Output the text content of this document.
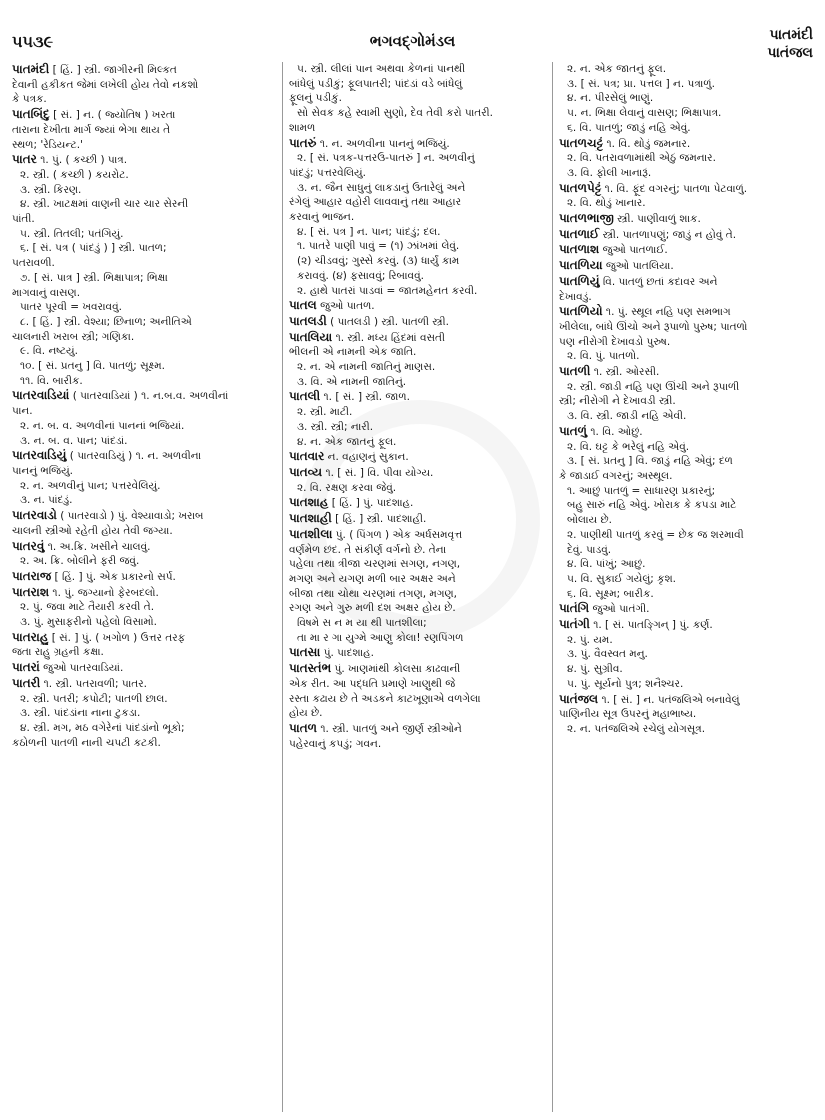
૫૫૩૯	ભગવદ્ગોમંડલ	પાતમંદી
પાતંજલ
પાતમંદી [ હિં. ] સ્ત્રી. જાગીરની મિલ્કત
દેવાની હકીકત જેમાં લખેલી હોય તેવો નકશો
કે પત્રક.
પાતબિંદુ [ સં. ] ન. ( જ્યોતિષ ) ખરતા
તારાના દેખીતા માર્ગ જ્યાં ભેગા થાય તે
સ્થળ; 'રેડિયન્ટ.'
પાતર ૧. પું. ( કચ્છી ) પાત્ર.
૨. સ્ત્રી. ( કચ્છી ) કયરોટ.
૩. સ્ત્રી. કિરણ.
૪. સ્ત્રી. ખાટક્ષમાં વાણની ચાર ચાર સેરની
પાંતી.
૫. સ્ત્રી. તિતલી; પતંગિયું.
૬. [ સં. પત્ર ( પાંદડું ) ] સ્ત્રી. પાતળ;
પતરાવળી.
૭. [ સં. પાત્ર ] સ્ત્રી. ભિક્ષાપાત્ર; ભિક્ષા
માગવાનું વાસણ.
પાતર પૂરવી = ખવરાવવું.
૮. [ હિં. ] સ્ત્રી. વેશ્યા; છિનાળ; અનીતિએ
ચાલનારી ખરાબ સ્ત્રી; ગણિકા.
૯. વિ. નષ્ટયું.
૧૦. [ સં. પ્રતનુ ] વિ. પાતળું; સૂક્ષ્મ.
૧૧. વિ. બારીક.
પાતરવાડિયાં ( પાતરવાડિયાં ) ૧. ન.બ.વ. અળવીનાં
પાન.
૨. ન. બ. વ. અળવીનાં પાનનાં ભજિયાં.
૩. ન. બ. વ. પાન; પાંદડાં.
પાતરવાડિયું ( પાતરવાડિયું ) ૧. ન. અળવીના
પાનનું ભજિયું.
૨. ન. અળવીનું પાન; પત્તરવેલિયું.
૩. ન. પાંદડું.
પાતરવાડો ( પાતરવાડો ) પું. વેશ્યાવાડો; ખરાબ
ચાલની સ્ત્રીઓ રહેતી હોય તેવી જગ્યા.
પાતરવું ૧. અ.ક્રિ. ખસીને ચાલવું.
૨. અ. ક્રિ. બોલીને ફરી જવું.
પાતરાજ [ હિં. ] પું. એક પ્રકારનો સર્પ.
પાતરાશ ૧. પું. જગ્યાનો ફેરબદલો.
૨. પું. જવા માટે તૈયારી કરવી તે.
૩. પું. મુસાફરીનો પહેલો વિસામો.
પાતરાહુ [ સં. ] પું. ( ખગોળ ) ઉત્તર તરફ
જતા રાહુ ગ્રહની કક્ષા.
પાતરાં જુઓ પાતરવાડિયાં.
પાતરી ૧. સ્ત્રી. પતરાવળી; પાતર.
૨. સ્ત્રી. પતરી; કપોટી; પાતળી છાલ.
૩. સ્ત્રી. પાંદડાંના નાના ટુકડા.
૪. સ્ત્રી. મગ, મઠ વગેરેનાં પાંદડાંનો ભૂકો;
કઠોળની પાતળી નાની ચપટી કટકી.
૫. સ્ત્રી. લીલાં પાન અથવા કેળનાં પાનથી
બાંધેલું પડીકું; ફૂલપાતરી; પાંદડાં વડે બાંધેલું
ફૂલનું પડીકું.
સો સેવક કહે સ્વામી સુણો, દેવ તેવી કરો પાતરી.
શામળ
પાતરું ૧. ન. અળવીના પાનનું ભજિયું.
૨. [ સં. પત્રક-પત્તરઉં-પાતરું ] ન. અળવીનું
પાંદડું; પત્તરવેલિયું.
૩. ન. જૈન સાધુનું લાકડાનું ઉતારેલું અને
રંગેલું આહાર વહોરી લાવવાનું તથા આહાર
કરવાનું ભાજન.
૪. [ સં. પત્ર ] ન. પાન; પાંદડું; દલ.
૧. પાતરે પાણી પાવું = (૧) ઝાંખમાં લેવું.
(૨) ચીડવવું; ગુસ્સે કરવું. (૩) ધાર્યું કામ
કરાવવું. (૪) ફસાવવું; રિબાવવું.
૨. હાથે પાતરાં પાડવાં = જાતમહેનત કરવી.
પાતલ જુઓ પાતળ.
પાતલડી ( પાતલડી ) સ્ત્રી. પાતળી સ્ત્રી.
પાતલિયા ૧. સ્ત્રી. મધ્ય હિંદમાં વસતી
ભીલની એ નામની એક જાતિ.
૨. ન. એ નામની જાતિનું માણસ.
૩. વિ. એ નામની જાતિનું.
પાતલી ૧. [ સં. ] સ્ત્રી. જાળ.
૨. સ્ત્રી. માટી.
૩. સ્ત્રી. સ્ત્રી; નારી.
૪. ન. એક જાતનું ફૂલ.
પાતવાર ન. વહાણનું સુકાન.
પાતવ્ય ૧. [ સં. ] વિ. પીવા યોગ્ય.
૨. વિ. રક્ષણ કરવા જેવું.
પાતશાહ [ હિં. ] પું. પાદશાહ.
પાતશાહી [ હિં. ] સ્ત્રી. પાદશાહી.
પાતશીલા પું. ( પિંગળ ) એક અર્ધસમવૃત્ત
વર્ણમેળ છંદ. તે સંકીર્ણ વર્ગનો છે. તેના
પહેલા તથા ત્રીજા ચરણમાં સગણ, નગણ,
મગણ અને યગણ મળી બાર અક્ષર અને
બીજા તથા ચોથા ચરણમાં તગણ, મગણ,
રગણ અને ગુરુ મળી દશ અક્ષર હોય છે.
વિષમે સ ન મ યા થી પાતશીલા;
તા મા ર ગા યુગ્મે આણુ કોલા! રણપિંગળ
પાતસા પું. પાદશાહ.
પાતસ્તંભ પું. ખાણમાંથી કોલસા કાઢવાની
એક રીત. આ પદ્ધતિ પ્રમાણે ખાણુથી જે
રસ્તા કઢાય છે તે અડકને કાટખૂણાએ વળગેલા
હોય છે.
પાતળ ૧. સ્ત્રી. પાતળું અને જીર્ણ સ્ત્રીઓને
પહેરવાનું કપડું; ગવન.
૨. ન. એક જાતનું ફૂલ.
૩. [ સં. પત્ર; પ્રા. પત્તલ ] ન. પત્રાળું.
૪. ન. પીરસેલું ભાણું.
૫. ન. ભિક્ષા લેવાનું વાસણ; ભિક્ષાપાત્ર.
૬. વિ. પાતળું; જાડું નહિ એવું.
પાતળચટ્ટું ૧. વિ. થોડું જમનાર.
૨. વિ. પતરાવળામાંથી એઠું જમનાર.
૩. વિ. ફોલી ખાનારૂં.
પાતળપેટ્ટું ૧. વિ. ફૂંદ વગરનું; પાતળા પેટવાળું.
૨. વિ. થોડું ખાનાર.
પાતળભાજી સ્ત્રી. પાણીવાળું શાક.
પાતળાઈ સ્ત્રી. પાતળાપણું; જાડું ન હોવું તે.
પાતળાશ જુઓ પાતળાઈ.
પાતળિયા જુઓ પાતલિયા.
પાતળિયું વિ. પાતળું છતાં કદાવર અને
દેખાવડું.
પાતળિયો ૧. પું. સ્થૂલ નહિ પણ સમભાગ
ખીલેલા, બાંધે ઊંચો અને રૂપાળો પુરુષ; પાતળો
પણ નીરોગી દેખાવડો પુરુષ.
૨. વિ. પું. પાતળો.
પાતળી ૧. સ્ત્રી. ઓરસી.
૨. સ્ત્રી. જાડી નહિ પણ ઊંચી અને રૂપાળી
સ્ત્રી; નીરોગી ને દેખાવડી સ્ત્રી.
૩. વિ. સ્ત્રી. જાડી નહિ એવી.
પાતળું ૧. વિ. ઓછું.
૨. વિ. ઘટ્ટ કે ભરેલું નહિ એવું.
૩. [ સં. પ્રતનુ ] વિ. જાડું નહિ એવું; દળ
કે જાડાઈ વગરનું; અસ્થૂલ.
૧. આછું પાતળું = સાધારણ પ્રકારનું;
બહુ સારું નહિ એવું. ખોરાક કે કપડા માટે
બોલાય છે.
૨. પાણીથી પાતળું કરવું = છેક જ શરમાવી
દેવું. પાડવું.
૪. વિ. પાંખું; આછું.
૫. વિ. સુકાઈ ગયેલું; કૃશ.
૬. વિ. સૂક્ષ્મ; બારીક.
પાતંગિ જુઓ પાતંગી.
પાતંગી ૧. [ સં. પાતઙ્ગિન્ ] પું. કર્ણ.
૨. પું. યમ.
૩. પું. વૈવસ્વત મનુ.
૪. પું. સુગ્રીવ.
૫. પું. સૂર્યનો પુત્ર; શનૈશ્ચર.
પાતંજલ ૧. [ સં. ] ન. પતંજલિએ બનાવેલું
પાણિનીય સૂત્ર ઉપરનું મહાભાષ્ય.
૨. ન. પતંજલિએ રચેલું યોગસૂત્ર.
